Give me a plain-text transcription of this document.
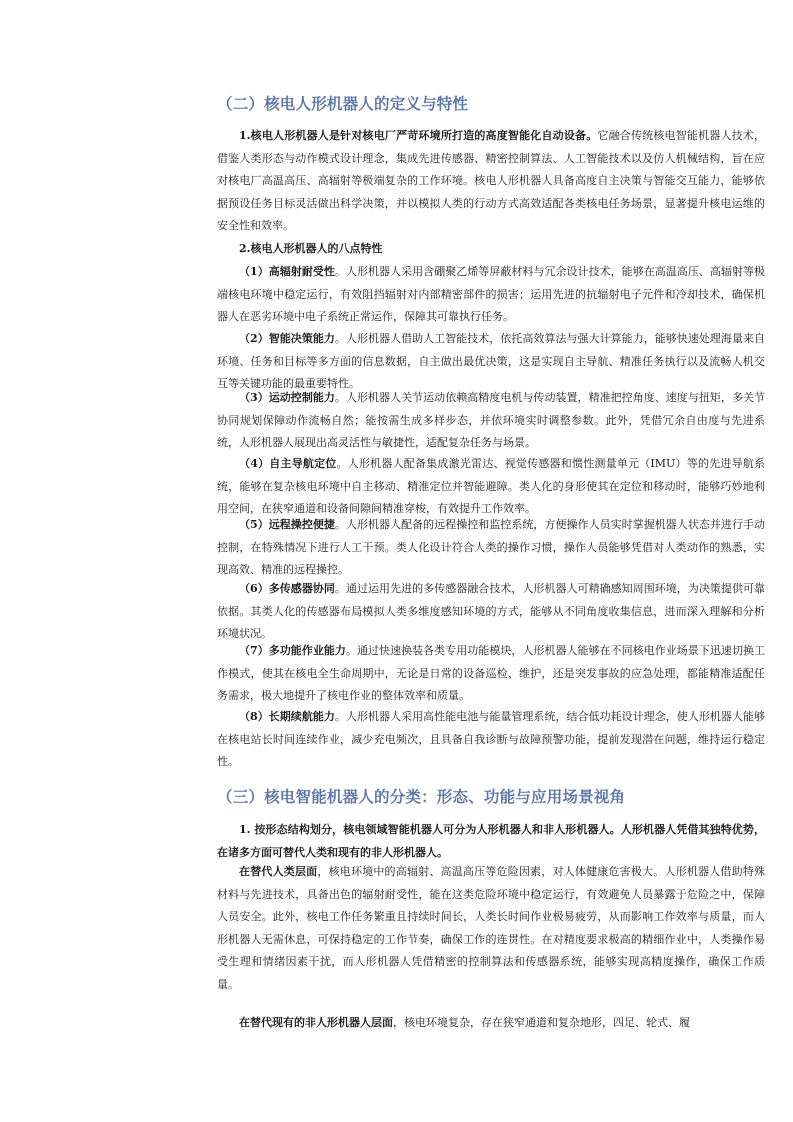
（二）核电人形机器人的定义与特性

1.核电人形机器人是针对核电厂严苛环境所打造的高度智能化自动设备。它融合传统核电智能机器人技术，借鉴人类形态与动作模式设计理念，集成先进传感器、精密控制算法、人工智能技术以及仿人机械结构，旨在应对核电厂高温高压、高辐射等极端复杂的工作环境。核电人形机器人具备高度自主决策与智能交互能力，能够依据预设任务目标灵活做出科学决策，并以模拟人类的行动方式高效适配各类核电任务场景，显著提升核电运维的安全性和效率。

2.核电人形机器人的八点特性

（1）高辐射耐受性。人形机器人采用含硼聚乙烯等屏蔽材料与冗余设计技术，能够在高温高压、高辐射等极端核电环境中稳定运行，有效阻挡辐射对内部精密部件的损害；运用先进的抗辐射电子元件和冷却技术，确保机器人在恶劣环境中电子系统正常运作，保障其可靠执行任务。

（2）智能决策能力。人形机器人借助人工智能技术，依托高效算法与强大计算能力，能够快速处理海量来自环境、任务和目标等多方面的信息数据，自主做出最优决策，这是实现自主导航、精准任务执行以及流畅人机交互等关键功能的最重要特性。

（3）运动控制能力。人形机器人关节运动依赖高精度电机与传动装置，精准把控角度、速度与扭矩，多关节协同规划保障动作流畅自然；能按需生成多样步态，并依环境实时调整参数。此外，凭借冗余自由度与先进系统，人形机器人展现出高灵活性与敏捷性，适配复杂任务与场景。

（4）自主导航定位。人形机器人配备集成激光雷达、视觉传感器和惯性测量单元（IMU）等的先进导航系统，能够在复杂核电环境中自主移动、精准定位并智能避障。类人化的身形使其在定位和移动时，能够巧妙地利用空间，在狭窄通道和设备间隙间精准穿梭，有效提升工作效率。

（5）远程操控便捷。人形机器人配备的远程操控和监控系统，方便操作人员实时掌握机器人状态并进行手动控制，在特殊情况下进行人工干预。类人化设计符合人类的操作习惯，操作人员能够凭借对人类动作的熟悉，实现高效、精准的远程操控。

（6）多传感器协同。通过运用先进的多传感器融合技术，人形机器人可精确感知周围环境，为决策提供可靠依据。其类人化的传感器布局模拟人类多维度感知环境的方式，能够从不同角度收集信息，进而深入理解和分析环境状况。

（7）多功能作业能力。通过快速换装各类专用功能模块，人形机器人能够在不同核电作业场景下迅速切换工作模式，使其在核电全生命周期中，无论是日常的设备巡检、维护，还是突发事故的应急处理，都能精准适配任务需求，极大地提升了核电作业的整体效率和质量。

（8）长期续航能力。人形机器人采用高性能电池与能量管理系统，结合低功耗设计理念，使人形机器人能够在核电站长时间连续作业，减少充电频次，且具备自我诊断与故障预警功能，提前发现潜在问题，维持运行稳定性。

（三）核电智能机器人的分类：形态、功能与应用场景视角

1. 按形态结构划分，核电领域智能机器人可分为人形机器人和非人形机器人。人形机器人凭借其独特优势，在诸多方面可替代人类和现有的非人形机器人。

在替代人类层面，核电环境中的高辐射、高温高压等危险因素，对人体健康危害极大。人形机器人借助特殊材料与先进技术，具备出色的辐射耐受性，能在这类危险环境中稳定运行，有效避免人员暴露于危险之中，保障人员安全。此外，核电工作任务繁重且持续时间长，人类长时间作业极易疲劳，从而影响工作效率与质量，而人形机器人无需休息，可保持稳定的工作节奏，确保工作的连贯性。在对精度要求极高的精细作业中，人类操作易受生理和情绪因素干扰，而人形机器人凭借精密的控制算法和传感器系统，能够实现高精度操作，确保工作质量。

在替代现有的非人形机器人层面，核电环境复杂，存在狭窄通道和复杂地形，四足、轮式、履
